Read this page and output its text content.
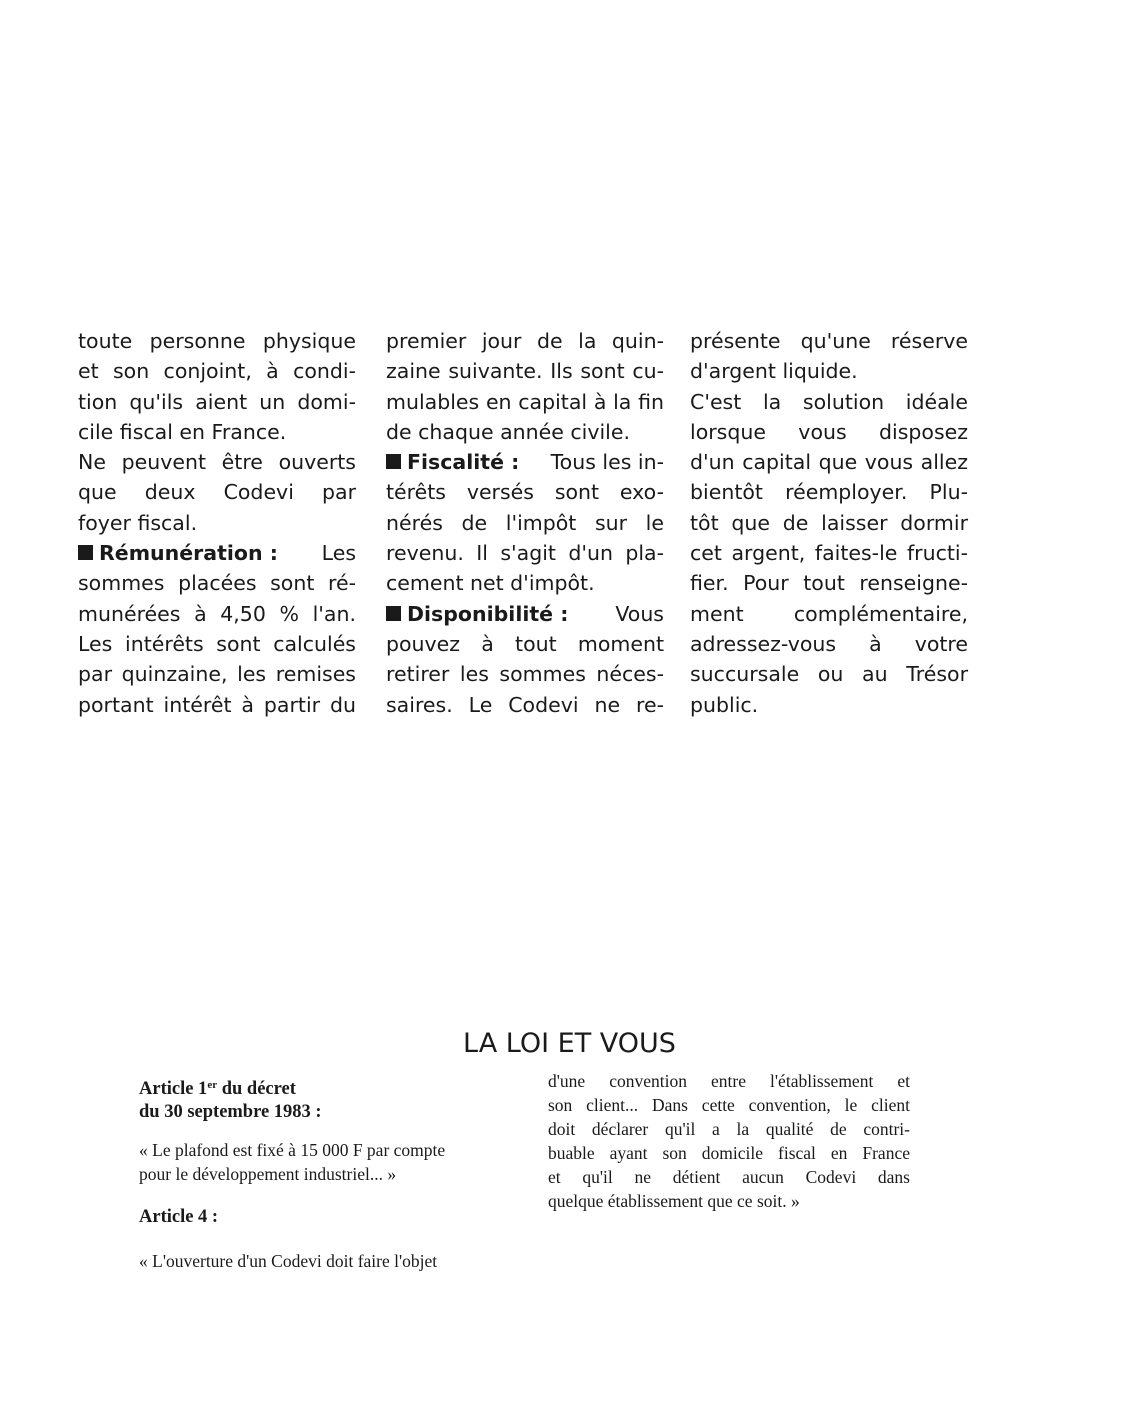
toute personne physique
et son conjoint, à condi-
tion qu'ils aient un domi-
cile fiscal en France.

Ne peuvent être ouverts
que deux Codevi par
foyer fiscal.

Rémunération : Les
sommes placées sont ré-
munérées à 4,50 % l'an.
Les intérêts sont calculés
par quinzaine, les remises
portant intérêt à partir du

premier jour de la quin-
zaine suivante. Ils sont cu-
mulables en capital à la fin
de chaque année civile.

Fiscalité : Tous les in-
térêts versés sont exo-
nérés de l'impôt sur le
revenu. Il s'agit d'un pla-
cement net d'impôt.

Disponibilité : Vous
pouvez à tout moment
retirer les sommes néces-
saires. Le Codevi ne re-

présente qu'une réserve
d'argent liquide.

C'est la solution idéale
lorsque vous disposez
d'un capital que vous allez
bientôt réemployer. Plu-
tôt que de laisser dormir
cet argent, faites-le fructi-
fier. Pour tout renseigne-
ment complémentaire,
adressez-vous à votre
succursale ou au Trésor
public.

LA LOI ET VOUS
Article 1er du décret
du 30 septembre 1983 :
« Le plafond est fixé à 15 000 F par compte
pour le développement industriel... »
Article 4 :
« L'ouverture d'un Codevi doit faire l'objet
d'une convention entre l'établissement et
son client... Dans cette convention, le client
doit déclarer qu'il a la qualité de contri-
buable ayant son domicile fiscal en France
et qu'il ne détient aucun Codevi dans
quelque établissement que ce soit. »
